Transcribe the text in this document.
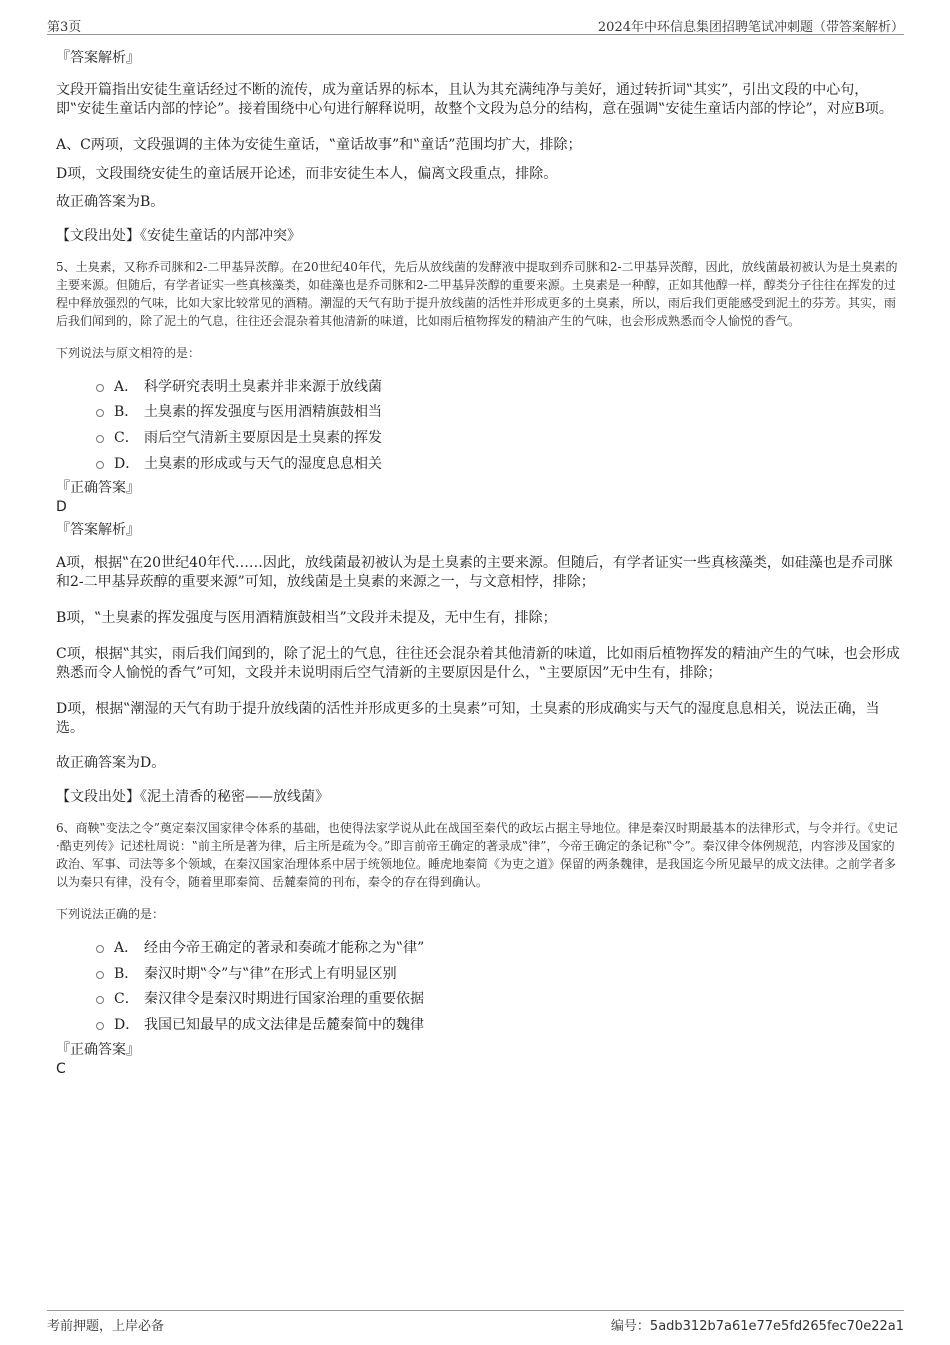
第3页	2024年中环信息集团招聘笔试冲刺题（带答案解析）

『答案解析』

文段开篇指出安徒生童话经过不断的流传，成为童话界的标本，且认为其充满纯净与美好，通过转折词‟其实”，引出文段的中心句，即‟安徒生童话内部的悖论”。接着围绕中心句进行解释说明，故整个文段为总分的结构，意在强调‟安徒生童话内部的悖论”，对应B项。

A、C两项，文段强调的主体为安徒生童话，‟童话故事”和‟童话”范围均扩大，排除；

D项，文段围绕安徒生的童话展开论述，而非安徒生本人，偏离文段重点，排除。

故正确答案为B。

【文段出处】《安徒生童话的内部冲突》

5、土臭素，又称乔司脒和2-二甲基异茨醇。在20世纪40年代，先后从放线菌的发酵液中提取到乔司脒和2-二甲基异茨醇，因此，放线菌最初被认为是土臭素的主要来源。但随后，有学者证实一些真核藻类，如硅藻也是乔司脒和2-二甲基异茨醇的重要来源。土臭素是一种醇，正如其他醇一样，醇类分子往往在挥发的过程中释放强烈的气味，比如大家比较常见的酒精。潮湿的天气有助于提升放线菌的活性并形成更多的土臭素，所以，雨后我们更能感受到泥土的芬芳。其实，雨后我们闻到的，除了泥土的气息，往往还会混杂着其他清新的味道，比如雨后植物挥发的精油产生的气味，也会形成熟悉而令人愉悦的香气。

下列说法与原文相符的是：

A． 科学研究表明土臭素并非来源于放线菌
B． 土臭素的挥发强度与医用酒精旗鼓相当
C． 雨后空气清新主要原因是土臭素的挥发
D． 土臭素的形成或与天气的湿度息息相关

『正确答案』

D

『答案解析』

A项，根据‟在20世纪40年代……因此，放线菌最初被认为是土臭素的主要来源。但随后，有学者证实一些真核藻类，如硅藻也是乔司脒和2-二甲基异莰醇的重要来源”可知，放线菌是土臭素的来源之一，与文意相悖，排除；

B项，‟土臭素的挥发强度与医用酒精旗鼓相当”文段并未提及，无中生有，排除；

C项，根据‟其实，雨后我们闻到的，除了泥土的气息，往往还会混杂着其他清新的味道，比如雨后植物挥发的精油产生的气味，也会形成熟悉而令人愉悦的香气”可知，文段并未说明雨后空气清新的主要原因是什么，‟主要原因”无中生有，排除；

D项，根据‟潮湿的天气有助于提升放线菌的活性并形成更多的土臭素”可知，土臭素的形成确实与天气的湿度息息相关，说法正确，当选。

故正确答案为D。

【文段出处】《泥土清香的秘密——放线菌》

6、商鞅‟变法之令”奠定秦汉国家律令体系的基础，也使得法家学说从此在战国至秦代的政坛占据主导地位。律是秦汉时期最基本的法律形式，与令并行。《史记·酷吏列传》记述杜周说：‟前主所是著为律，后主所是疏为令。”即言前帝王确定的著录成‟律”，今帝王确定的条记称‟令”。秦汉律令体例规范，内容涉及国家的政治、军事、司法等多个领域，在秦汉国家治理体系中居于统领地位。睡虎地秦简《为吏之道》保留的两条魏律，是我国迄今所见最早的成文法律。之前学者多以为秦只有律，没有令，随着里耶秦简、岳麓秦简的刊布，秦令的存在得到确认。

下列说法正确的是：

A． 经由今帝王确定的著录和奏疏才能称之为‟律”
B． 秦汉时期‟令”与‟律”在形式上有明显区别
C． 秦汉律令是秦汉时期进行国家治理的重要依据
D． 我国已知最早的成文法律是岳麓秦简中的魏律

『正确答案』

C

考前押题，上岸必备	编号：5adb312b7a61e77e5fd265fec70e22a1
